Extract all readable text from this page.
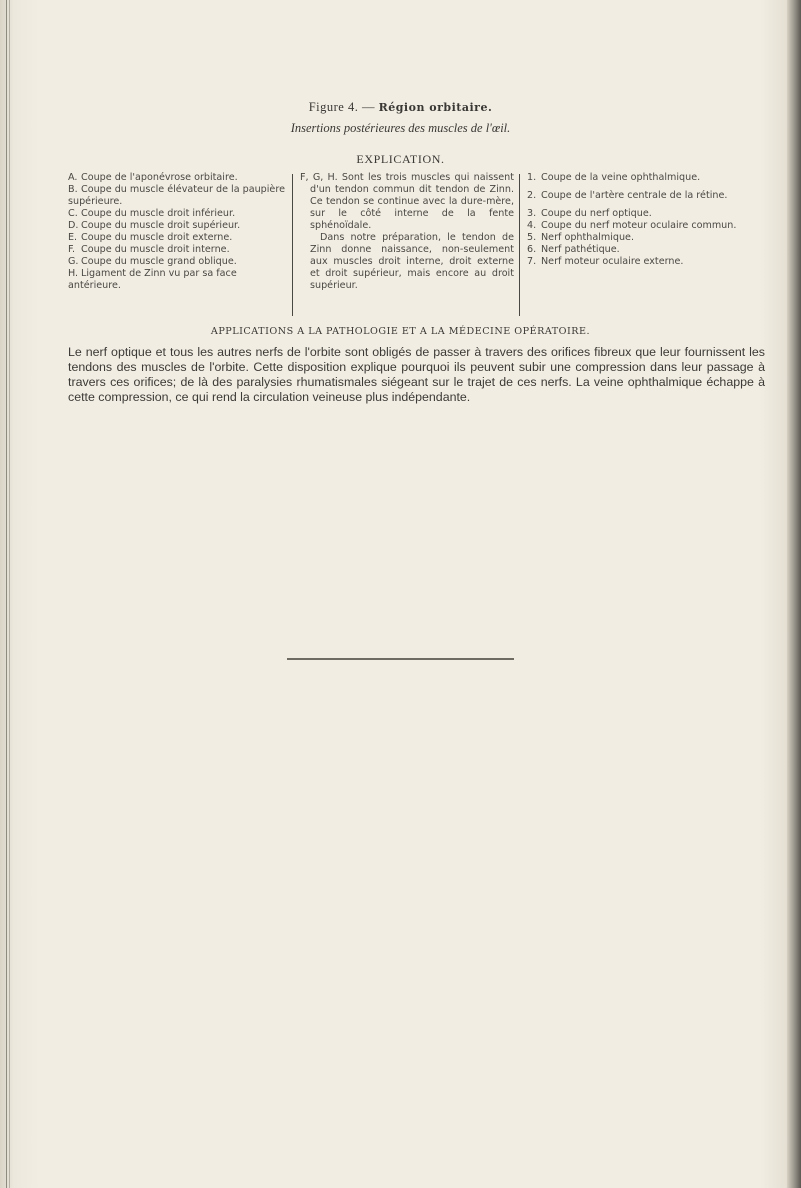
Figure 4. — Région orbitaire.
Insertions postérieures des muscles de l'œil.
EXPLICATION.
A. Coupe de l'aponévrose orbitaire.
B. Coupe du muscle élévateur de la paupière
supérieure.
C. Coupe du muscle droit inférieur.
D. Coupe du muscle droit supérieur.
E. Coupe du muscle droit externe.
F. Coupe du muscle droit interne.
G. Coupe du muscle grand oblique.
H. Ligament de Zinn vu par sa face antérieure.
F, G, H. Sont les trois muscles qui naissent
d'un tendon commun dit tendon de Zinn.
Ce tendon se continue avec la dure-mère,
sur le côté interne de la fente sphénoïdale.
Dans notre préparation, le tendon de
Zinn donne naissance, non-seulement
aux muscles droit interne, droit externe
et droit supérieur, mais encore au droit
supérieur.
1. Coupe de la veine ophthalmique.
2. Coupe de l'artère centrale de la rétine.
3. Coupe du nerf optique.
4. Coupe du nerf moteur oculaire commun.
5. Nerf ophthalmique.
6. Nerf pathétique.
7. Nerf moteur oculaire externe.
APPLICATIONS A LA PATHOLOGIE ET A LA MÉDECINE OPÉRATOIRE.
Le nerf optique et tous les autres nerfs de l'orbite sont obligés de passer à travers des orifices fibreux que leur fournissent les tendons des muscles de l'orbite. Cette disposition explique pourquoi ils peuvent subir une compression dans leur passage à travers ces orifices; de là des paralysies rhumatismales siégeant sur le trajet de ces nerfs. La veine ophthalmique échappe à cette compression, ce qui rend la circulation veineuse plus indépendante.
